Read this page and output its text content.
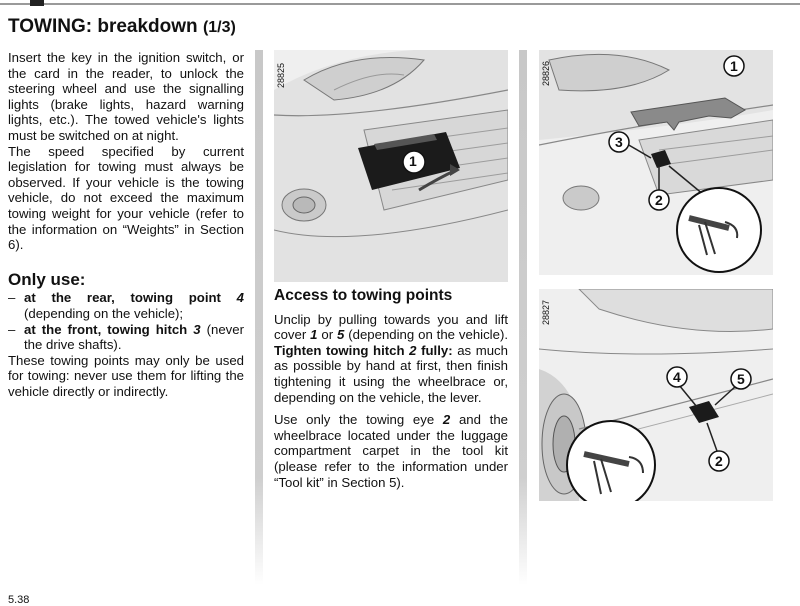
TOWING: breakdown (1/3)

Insert the key in the ignition switch, or the card in the reader, to unlock the steering wheel and use the signalling lights (brake lights, hazard warning lights, etc.). The towed vehicle's lights must be switched on at night.

The speed specified by current legislation for towing must always be observed. If your vehicle is the towing vehicle, do not exceed the maximum towing weight for your vehicle (refer to the information on “Weights” in Section 6).

Only use:
– at the rear, towing point 4 (depending on the vehicle);
– at the front, towing hitch 3 (never the drive shafts).

These towing points may only be used for towing: never use them for lifting the vehicle directly or indirectly.

1
28825
Access to towing points

Unclip by pulling towards you and lift cover 1 or 5 (depending on the vehicle). Tighten towing hitch 2 fully: as much as possible by hand at first, then finish tightening it using the wheelbrace or, depending on the vehicle, the lever.

Use only the towing eye 2 and the wheelbrace located under the luggage compartment carpet in the tool kit (please refer to the information under “Tool kit” in Section 5).

1
3
2
28826
4	5
2
28827
5.38
